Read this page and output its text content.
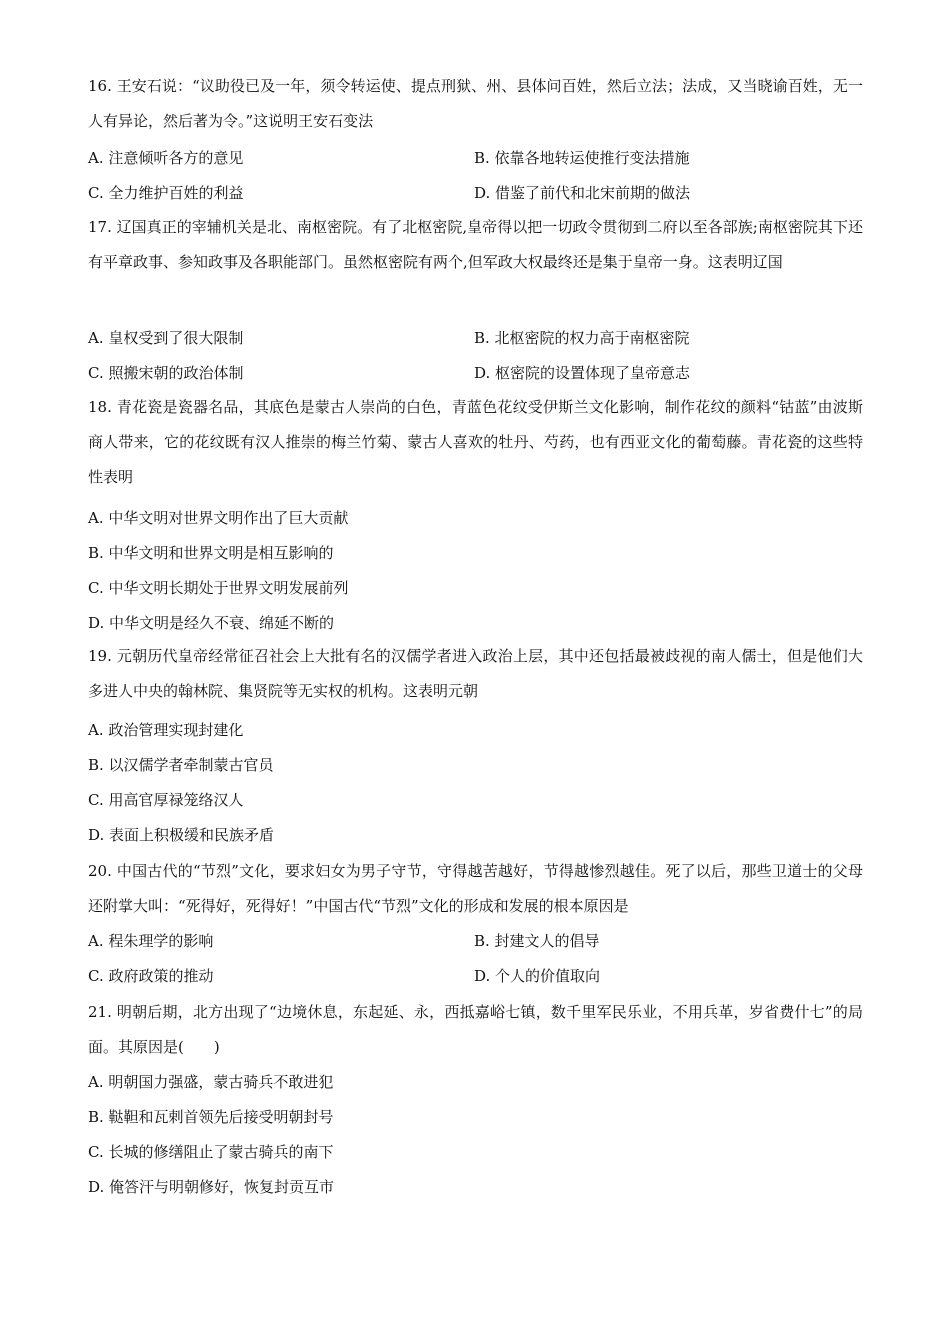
16. 王安石说：“议助役已及一年，须令转运使、提点刑狱、州、县体问百姓，然后立法；法成，又当晓谕百姓，无一人有异论，然后著为令。”这说明王安石变法

A. 注意倾听各方的意见	B. 依靠各地转运使推行变法措施
C. 全力维护百姓的利益	D. 借鉴了前代和北宋前期的做法

17. 辽国真正的宰辅机关是北、南枢密院。有了北枢密院,皇帝得以把一切政令贯彻到二府以至各部族;南枢密院其下还有平章政事、参知政事及各职能部门。虽然枢密院有两个,但军政大权最终还是集于皇帝一身。这表明辽国

A. 皇权受到了很大限制	B. 北枢密院的权力高于南枢密院
C. 照搬宋朝的政治体制	D. 枢密院的设置体现了皇帝意志

18. 青花瓷是瓷器名品，其底色是蒙古人崇尚的白色，青蓝色花纹受伊斯兰文化影响，制作花纹的颜料“钴蓝”由波斯商人带来，它的花纹既有汉人推崇的梅兰竹菊、蒙古人喜欢的牡丹、芍药，也有西亚文化的葡萄藤。青花瓷的这些特性表明

A. 中华文明对世界文明作出了巨大贡献
B. 中华文明和世界文明是相互影响的
C. 中华文明长期处于世界文明发展前列
D. 中华文明是经久不衰、绵延不断的

19. 元朝历代皇帝经常征召社会上大批有名的汉儒学者进入政治上层，其中还包括最被歧视的南人儒士，但是他们大多进人中央的翰林院、集贤院等无实权的机构。这表明元朝

A. 政治管理实现封建化
B. 以汉儒学者牵制蒙古官员
C. 用高官厚禄笼络汉人
D. 表面上积极缓和民族矛盾

20. 中国古代的“节烈”文化，要求妇女为男子守节，守得越苦越好，节得越惨烈越佳。死了以后，那些卫道士的父母还附掌大叫：“死得好，死得好！”中国古代“节烈”文化的形成和发展的根本原因是

A. 程朱理学的影响	B. 封建文人的倡导
C. 政府政策的推动	D. 个人的价值取向

21. 明朝后期，北方出现了“边境休息，东起延、永，西抵嘉峪七镇，数千里军民乐业，不用兵革，岁省费什七”的局面。其原因是(　　)

A. 明朝国力强盛，蒙古骑兵不敢进犯
B. 鞑靼和瓦剌首领先后接受明朝封号
C. 长城的修缮阻止了蒙古骑兵的南下
D. 俺答汗与明朝修好，恢复封贡互市
